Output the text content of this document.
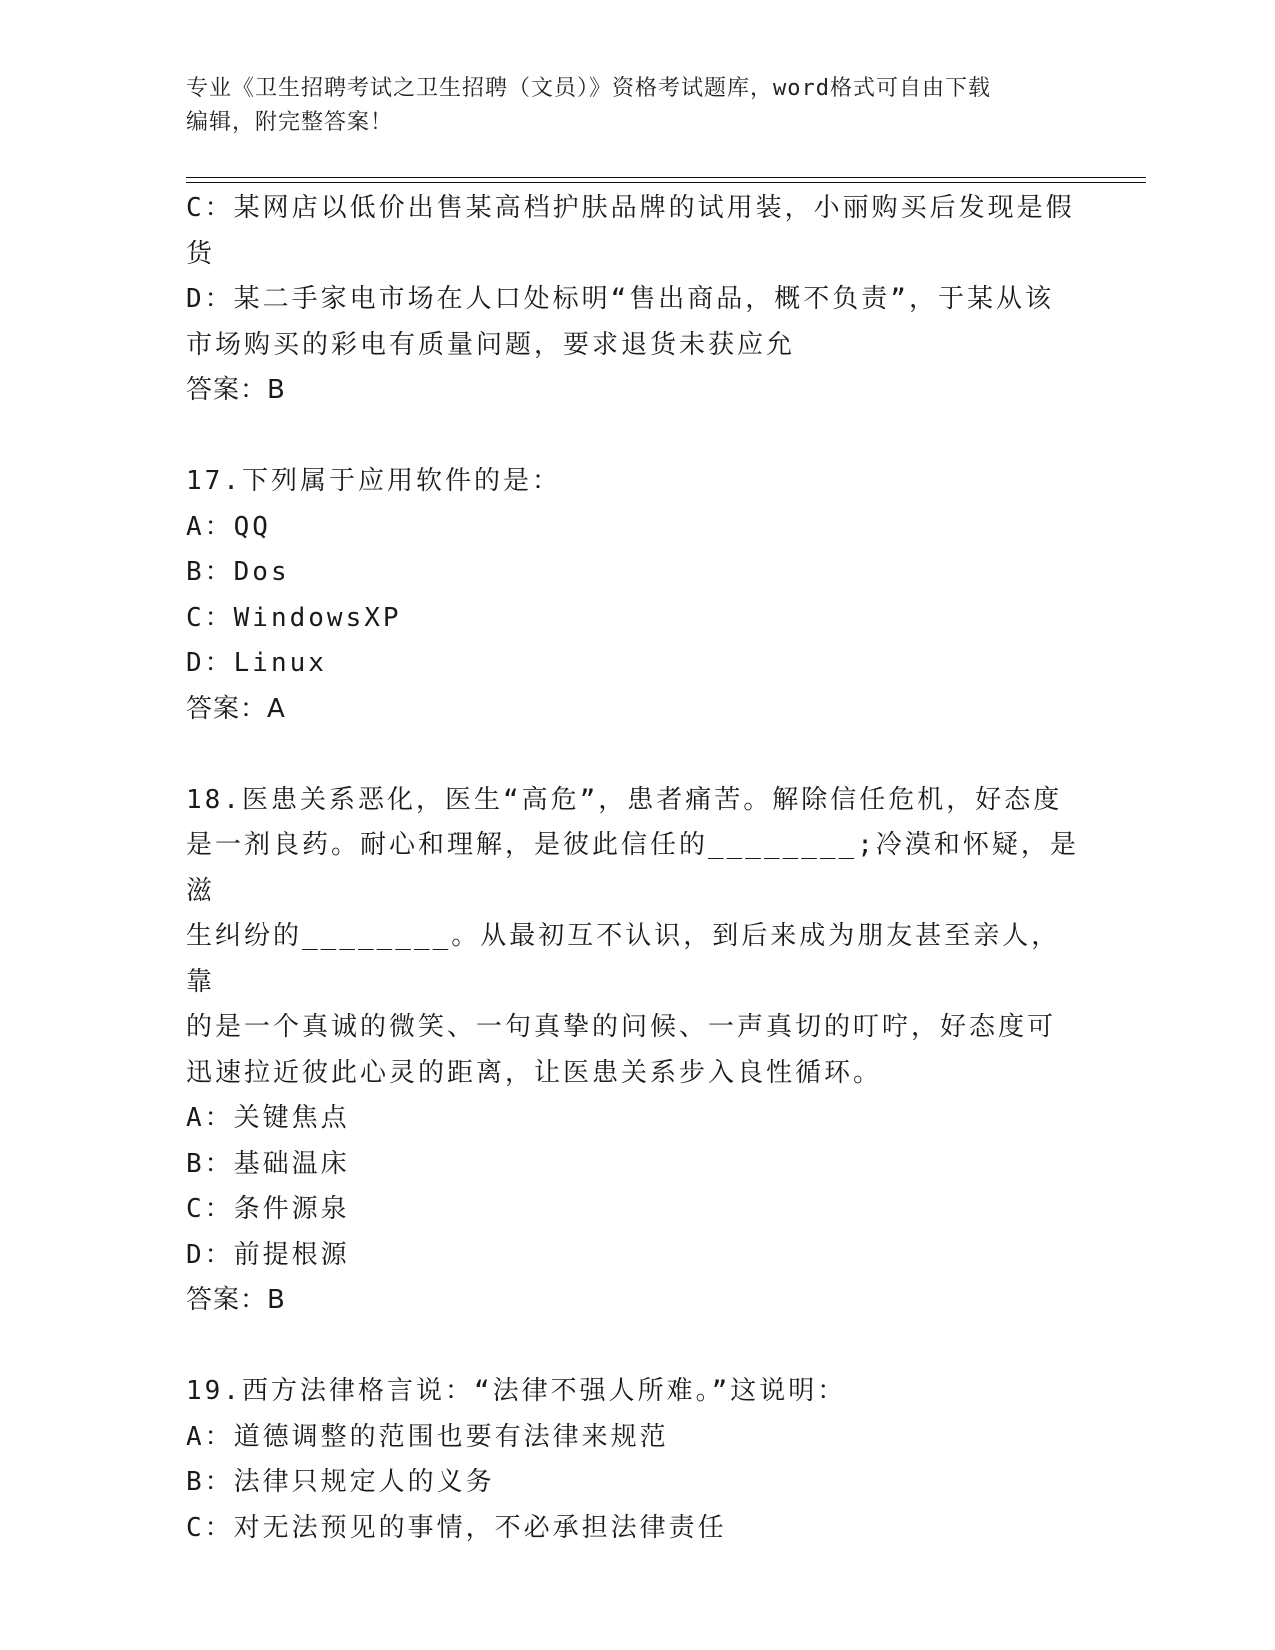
专业《卫生招聘考试之卫生招聘（文员）》资格考试题库，word格式可自由下载
编辑，附完整答案！
C：某网店以低价出售某高档护肤品牌的试用装，小丽购买后发现是假
货
D：某二手家电市场在人口处标明“售出商品，概不负责”，于某从该
市场购买的彩电有质量问题，要求退货未获应允
答案：B
17.下列属于应用软件的是：
A：QQ
B：Dos
C：WindowsXP
D：Linux
答案：A
18.医患关系恶化，医生“高危”，患者痛苦。解除信任危机，好态度
是一剂良药。耐心和理解，是彼此信任的________;冷漠和怀疑，是滋
生纠纷的________。从最初互不认识，到后来成为朋友甚至亲人，靠
的是一个真诚的微笑、一句真挚的问候、一声真切的叮咛，好态度可
迅速拉近彼此心灵的距离，让医患关系步入良性循环。
A：关键焦点
B：基础温床
C：条件源泉
D：前提根源
答案：B
19.西方法律格言说：“法律不强人所难。”这说明：
A：道德调整的范围也要有法律来规范
B：法律只规定人的义务
C：对无法预见的事情，不必承担法律责任
